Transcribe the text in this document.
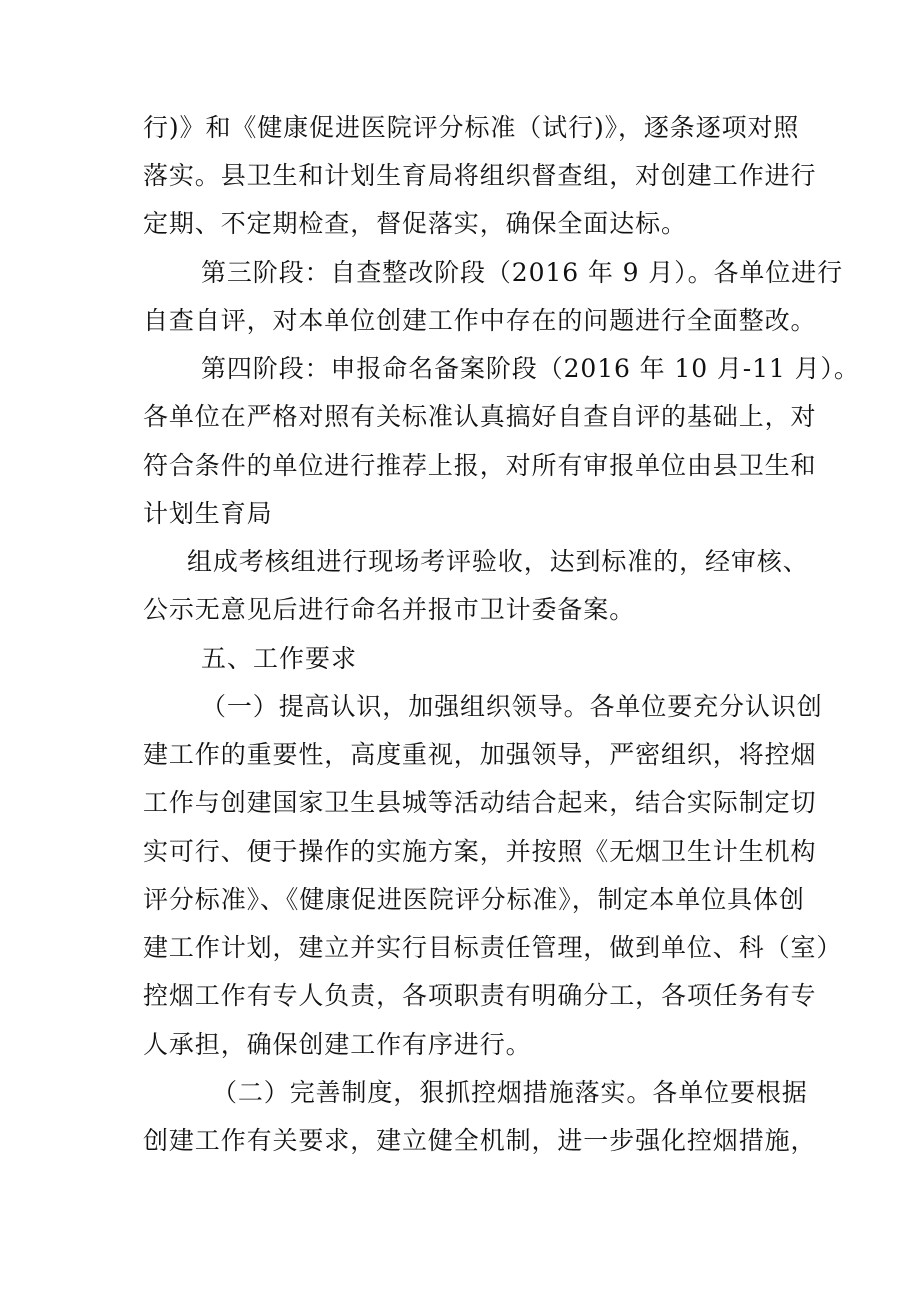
行)》和《健康促进医院评分标准（试行)》，逐条逐项对照
落实。县卫生和计划生育局将组织督查组，对创建工作进行
定期、不定期检查，督促落实，确保全面达标。
第三阶段：自查整改阶段（2016 年 9 月）。各单位进行
自查自评，对本单位创建工作中存在的问题进行全面整改。
第四阶段：申报命名备案阶段（2016 年 10 月-11 月）。
各单位在严格对照有关标准认真搞好自查自评的基础上，对
符合条件的单位进行推荐上报，对所有审报单位由县卫生和
计划生育局
组成考核组进行现场考评验收，达到标准的，经审核、
公示无意见后进行命名并报市卫计委备案。
五、工作要求
（一）提高认识，加强组织领导。各单位要充分认识创
建工作的重要性，高度重视，加强领导，严密组织，将控烟
工作与创建国家卫生县城等活动结合起来，结合实际制定切
实可行、便于操作的实施方案，并按照《无烟卫生计生机构
评分标准》、《健康促进医院评分标准》，制定本单位具体创
建工作计划，建立并实行目标责任管理，做到单位、科（室）
控烟工作有专人负责，各项职责有明确分工，各项任务有专
人承担，确保创建工作有序进行。
（二）完善制度，狠抓控烟措施落实。各单位要根据
创建工作有关要求，建立健全机制，进一步强化控烟措施，
